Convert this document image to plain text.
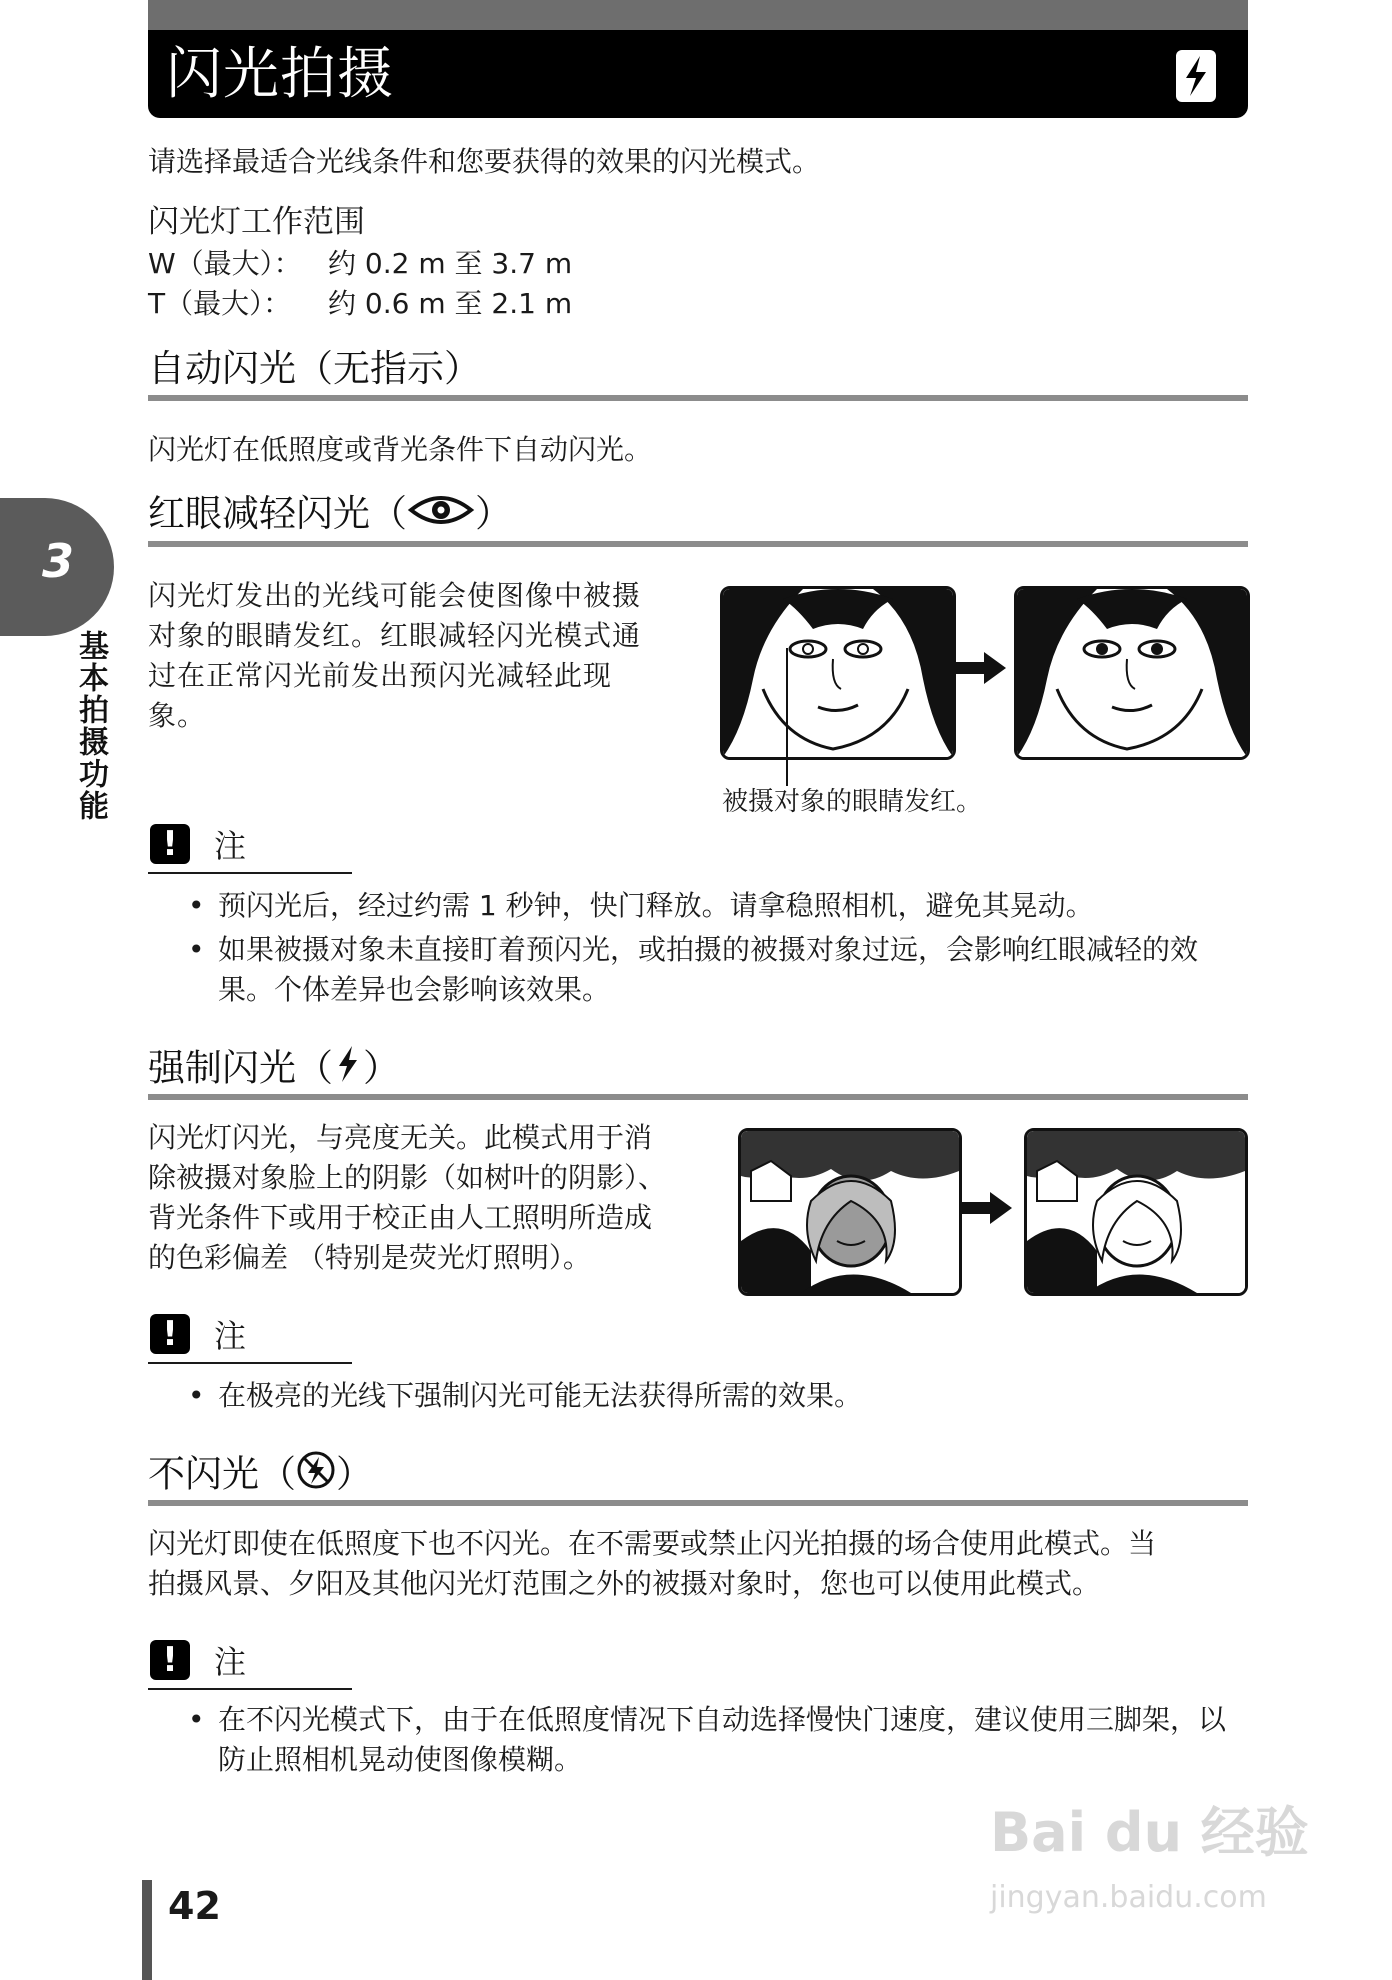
闪光拍摄
请选择最适合光线条件和您要获得的效果的闪光模式。
闪光灯工作范围
W（最大）： 约 0.2 m 至 3.7 m
T（最大）： 约 0.6 m 至 2.1 m
自动闪光（无指示）
闪光灯在低照度或背光条件下自动闪光。
红眼减轻闪光（ ）
闪光灯发出的光线可能会使图像中被摄
对象的眼睛发红。红眼减轻闪光模式通
过在正常闪光前发出预闪光减轻此现
象。
被摄对象的眼睛发红。
!	注
• 预闪光后，经过约需 1 秒钟，快门释放。请拿稳照相机，避免其晃动。
• 如果被摄对象未直接盯着预闪光，或拍摄的被摄对象过远，会影响红眼减轻的效果。个体差异也会影响该效果。
强制闪光（ ）
闪光灯闪光，与亮度无关。此模式用于消
除被摄对象脸上的阴影（如树叶的阴影）、
背光条件下或用于校正由人工照明所造成
的色彩偏差 （特别是荧光灯照明）。
!	注
• 在极亮的光线下强制闪光可能无法获得所需的效果。
不闪光（ ）
闪光灯即使在低照度下也不闪光。在不需要或禁止闪光拍摄的场合使用此模式。当
拍摄风景、夕阳及其他闪光灯范围之外的被摄对象时，您也可以使用此模式。
!	注
• 在不闪光模式下，由于在低照度情况下自动选择慢快门速度，建议使用三脚架，以防止照相机晃动使图像模糊。
3
基本拍摄功能
42
Bai du 经验
jingyan.baidu.com
